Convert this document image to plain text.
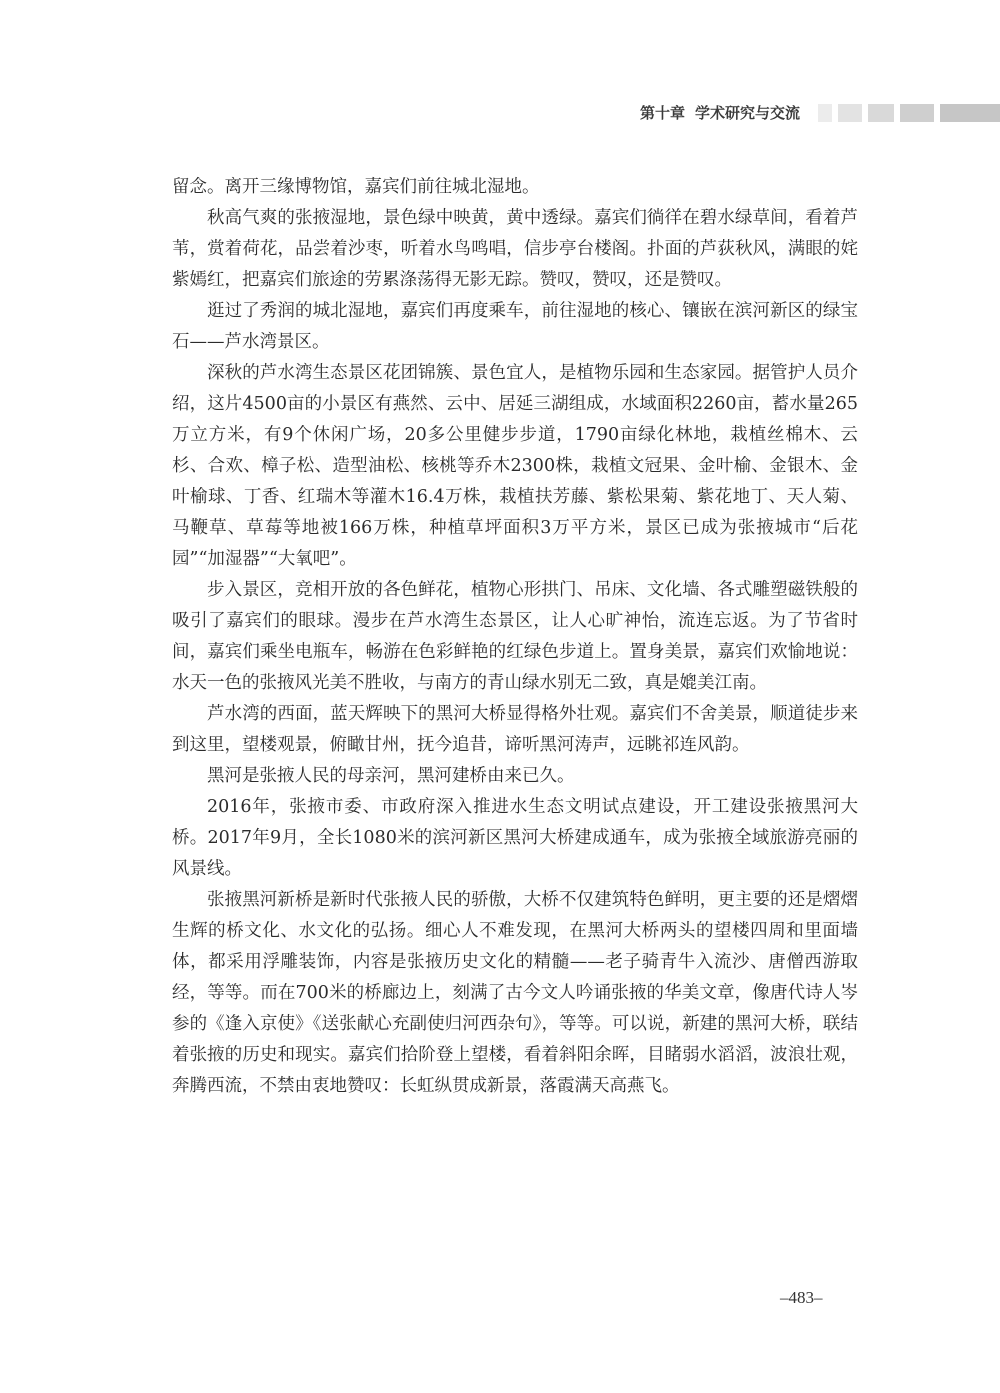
第十章 学术研究与交流

留念。离开三缘博物馆，嘉宾们前往城北湿地。

秋高气爽的张掖湿地，景色绿中映黄，黄中透绿。嘉宾们徜徉在碧水绿草间，看着芦苇，赏着荷花，品尝着沙枣，听着水鸟鸣唱，信步亭台楼阁。扑面的芦荻秋风，满眼的姹紫嫣红，把嘉宾们旅途的劳累涤荡得无影无踪。赞叹，赞叹，还是赞叹。

逛过了秀润的城北湿地，嘉宾们再度乘车，前往湿地的核心、镶嵌在滨河新区的绿宝石——芦水湾景区。

深秋的芦水湾生态景区花团锦簇、景色宜人，是植物乐园和生态家园。据管护人员介绍，这片4500亩的小景区有燕然、云中、居延三湖组成，水域面积2260亩，蓄水量265万立方米，有9个休闲广场，20多公里健步步道，1790亩绿化林地，栽植丝棉木、云杉、合欢、樟子松、造型油松、核桃等乔木2300株，栽植文冠果、金叶榆、金银木、金叶榆球、丁香、红瑞木等灌木16.4万株，栽植扶芳藤、紫松果菊、紫花地丁、天人菊、马鞭草、草莓等地被166万株，种植草坪面积3万平方米，景区已成为张掖城市“后花园”“加湿器”“大氧吧”。

步入景区，竞相开放的各色鲜花，植物心形拱门、吊床、文化墙、各式雕塑磁铁般的吸引了嘉宾们的眼球。漫步在芦水湾生态景区，让人心旷神怡，流连忘返。为了节省时间，嘉宾们乘坐电瓶车，畅游在色彩鲜艳的红绿色步道上。置身美景，嘉宾们欢愉地说：水天一色的张掖风光美不胜收，与南方的青山绿水别无二致，真是媲美江南。

芦水湾的西面，蓝天辉映下的黑河大桥显得格外壮观。嘉宾们不舍美景，顺道徒步来到这里，望楼观景，俯瞰甘州，抚今追昔，谛听黑河涛声，远眺祁连风韵。

黑河是张掖人民的母亲河，黑河建桥由来已久。

2016年，张掖市委、市政府深入推进水生态文明试点建设，开工建设张掖黑河大桥。2017年9月，全长1080米的滨河新区黑河大桥建成通车，成为张掖全域旅游亮丽的风景线。

张掖黑河新桥是新时代张掖人民的骄傲，大桥不仅建筑特色鲜明，更主要的还是熠熠生辉的桥文化、水文化的弘扬。细心人不难发现，在黑河大桥两头的望楼四周和里面墙体，都采用浮雕装饰，内容是张掖历史文化的精髓——老子骑青牛入流沙、唐僧西游取经，等等。而在700米的桥廊边上，刻满了古今文人吟诵张掖的华美文章，像唐代诗人岑参的《逢入京使》《送张献心充副使归河西杂句》，等等。可以说，新建的黑河大桥，联结着张掖的历史和现实。嘉宾们拾阶登上望楼，看着斜阳余晖，目睹弱水滔滔，波浪壮观，奔腾西流，不禁由衷地赞叹：长虹纵贯成新景，落霞满天高燕飞。

–483–
